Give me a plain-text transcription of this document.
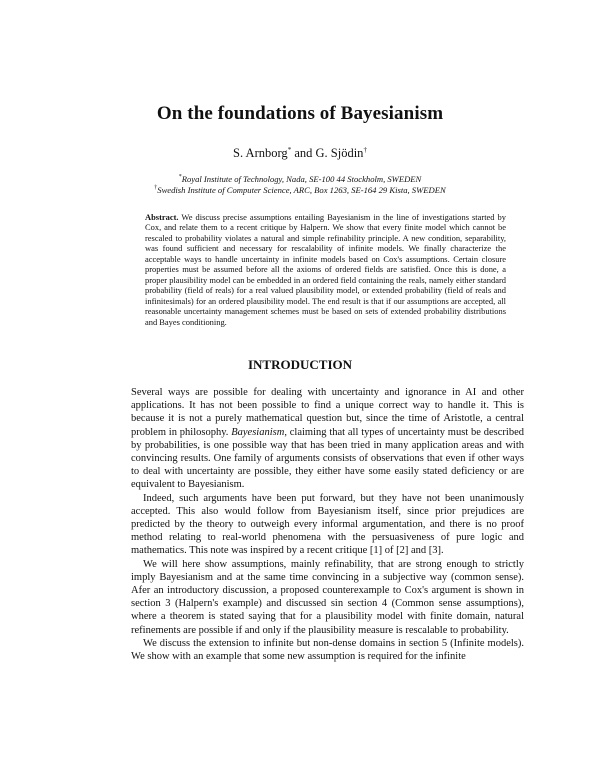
On the foundations of Bayesianism
S. Arnborg* and G. Sjödin†
*Royal Institute of Technology, Nada, SE-100 44 Stockholm, SWEDEN
†Swedish Institute of Computer Science, ARC, Box 1263, SE-164 29 Kista, SWEDEN
Abstract. We discuss precise assumptions entailing Bayesianism in the line of investigations started by Cox, and relate them to a recent critique by Halpern. We show that every finite model which cannot be rescaled to probability violates a natural and simple refinability principle. A new condition, separability, was found sufficient and necessary for rescalability of infinite models. We finally characterize the acceptable ways to handle uncertainty in infinite models based on Cox's assumptions. Certain closure properties must be assumed before all the axioms of ordered fields are satisfied. Once this is done, a proper plausibility model can be embedded in an ordered field containing the reals, namely either standard probability (field of reals) for a real valued plausibility model, or extended probability (field of reals and infinitesimals) for an ordered plausibility model. The end result is that if our assumptions are accepted, all reasonable uncertainty management schemes must be based on sets of extended probability distributions and Bayes conditioning.
INTRODUCTION

Several ways are possible for dealing with uncertainty and ignorance in AI and other applications. It has not been possible to find a unique correct way to handle it. This is because it is not a purely mathematical question but, since the time of Aristotle, a central problem in philosophy. Bayesianism, claiming that all types of uncertainty must be described by probabilities, is one possible way that has been tried in many application areas and with convincing results. One family of arguments consists of observations that even if other ways to deal with uncertainty are possible, they either have some easily stated deficiency or are equivalent to Bayesianism.

Indeed, such arguments have been put forward, but they have not been unanimously accepted. This also would follow from Bayesianism itself, since prior prejudices are predicted by the theory to outweigh every informal argumentation, and there is no proof method relating to real-world phenomena with the persuasiveness of pure logic and mathematics. This note was inspired by a recent critique [1] of [2] and [3].

We will here show assumptions, mainly refinability, that are strong enough to strictly imply Bayesianism and at the same time convincing in a subjective way (common sense). Afer an introductory discussion, a proposed counterexample to Cox's argument is shown in section 3 (Halpern's example) and discussed sin section 4 (Common sense assumptions), where a theorem is stated saying that for a plausibility model with finite domain, natural refinements are possible if and only if the plausibility measure is rescalable to probability.

We discuss the extension to infinite but non-dense domains in section 5 (Infinite models). We show with an example that some new assumption is required for the infinite
